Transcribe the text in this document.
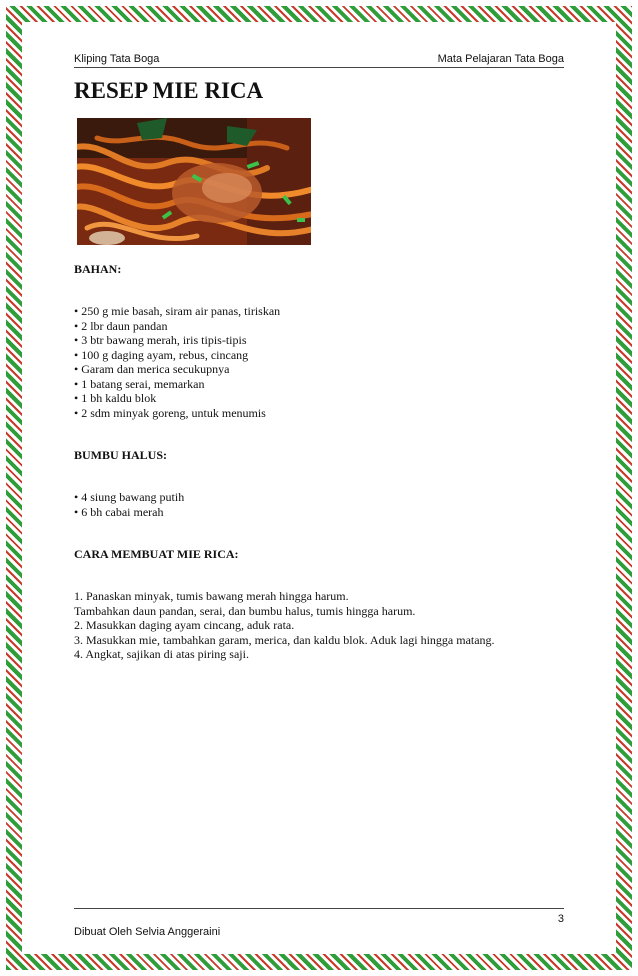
Kliping Tata Boga	Mata Pelajaran Tata Boga
RESEP MIE RICA
BAHAN:
• 250 g mie basah, siram air panas, tiriskan
• 2 lbr daun pandan
• 3 btr bawang merah, iris tipis-tipis
• 100 g daging ayam, rebus, cincang
• Garam dan merica secukupnya
• 1 batang serai, memarkan
• 1 bh kaldu blok
• 2 sdm minyak goreng, untuk menumis
BUMBU HALUS:
• 4 siung bawang putih
• 6 bh cabai merah
CARA MEMBUAT MIE RICA:
1. Panaskan minyak, tumis bawang merah hingga harum.
Tambahkan daun pandan, serai, dan bumbu halus, tumis hingga harum.
2. Masukkan daging ayam cincang, aduk rata.
3. Masukkan mie, tambahkan garam, merica, dan kaldu blok. Aduk lagi hingga matang.
4. Angkat, sajikan di atas piring saji.
3
Dibuat Oleh Selvia Anggeraini
